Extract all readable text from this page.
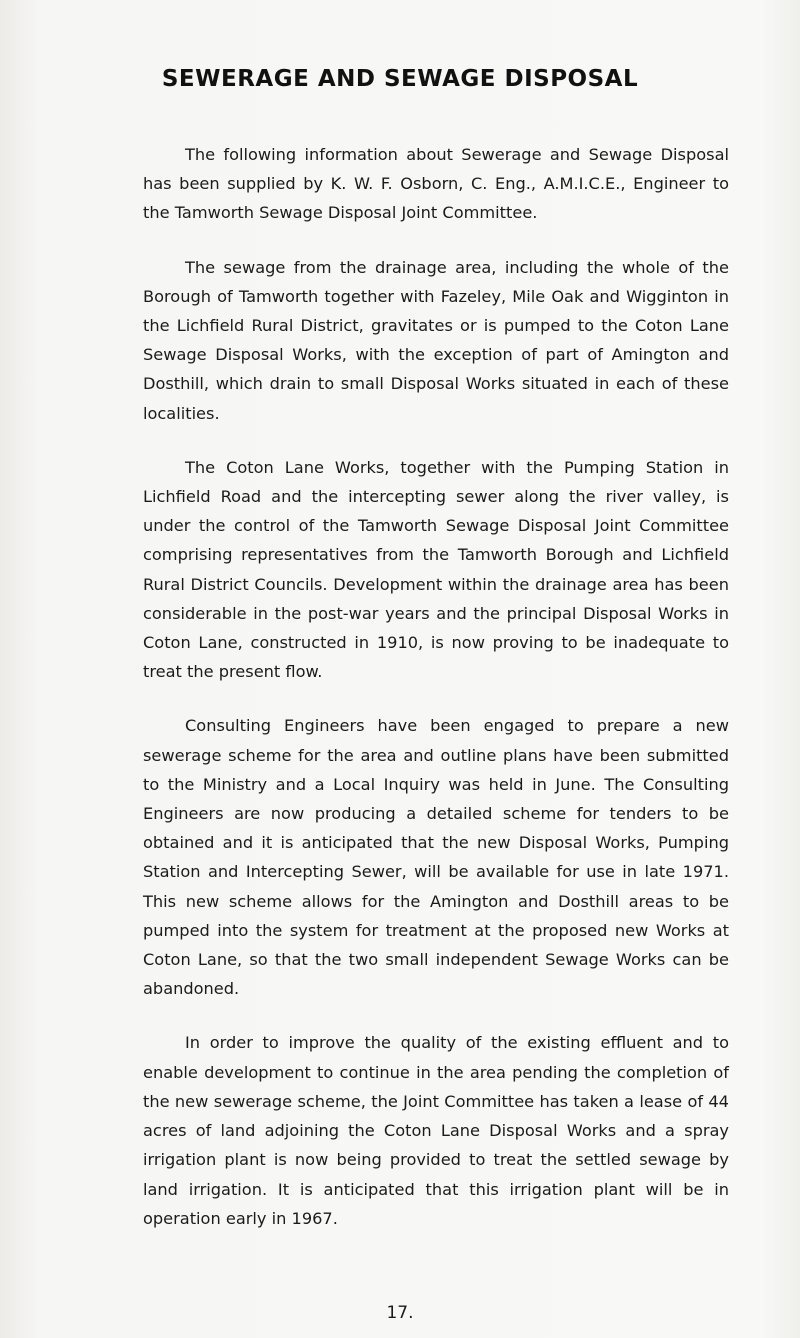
SEWERAGE AND SEWAGE DISPOSAL

The following information about Sewerage and Sewage Disposal has been supplied by K. W. F. Osborn, C. Eng., A.M.I.C.E., Engineer to the Tamworth Sewage Disposal Joint Committee.

The sewage from the drainage area, including the whole of the Borough of Tamworth together with Fazeley, Mile Oak and Wigginton in the Lichfield Rural District, gravitates or is pumped to the Coton Lane Sewage Disposal Works, with the exception of part of Amington and Dosthill, which drain to small Disposal Works situated in each of these localities.

The Coton Lane Works, together with the Pumping Station in Lichfield Road and the intercepting sewer along the river valley, is under the control of the Tamworth Sewage Disposal Joint Committee comprising representatives from the Tamworth Borough and Lichfield Rural District Councils. Development within the drainage area has been considerable in the post-war years and the principal Disposal Works in Coton Lane, constructed in 1910, is now proving to be inadequate to treat the present flow.

Consulting Engineers have been engaged to prepare a new sewerage scheme for the area and outline plans have been submitted to the Ministry and a Local Inquiry was held in June. The Consulting Engineers are now producing a detailed scheme for tenders to be obtained and it is anticipated that the new Disposal Works, Pumping Station and Intercepting Sewer, will be available for use in late 1971. This new scheme allows for the Amington and Dosthill areas to be pumped into the system for treatment at the proposed new Works at Coton Lane, so that the two small independent Sewage Works can be abandoned.

In order to improve the quality of the existing effluent and to enable development to continue in the area pending the completion of the new sewerage scheme, the Joint Committee has taken a lease of 44 acres of land adjoining the Coton Lane Disposal Works and a spray irrigation plant is now being provided to treat the settled sewage by land irrigation. It is anticipated that this irrigation plant will be in operation early in 1967.

17.
